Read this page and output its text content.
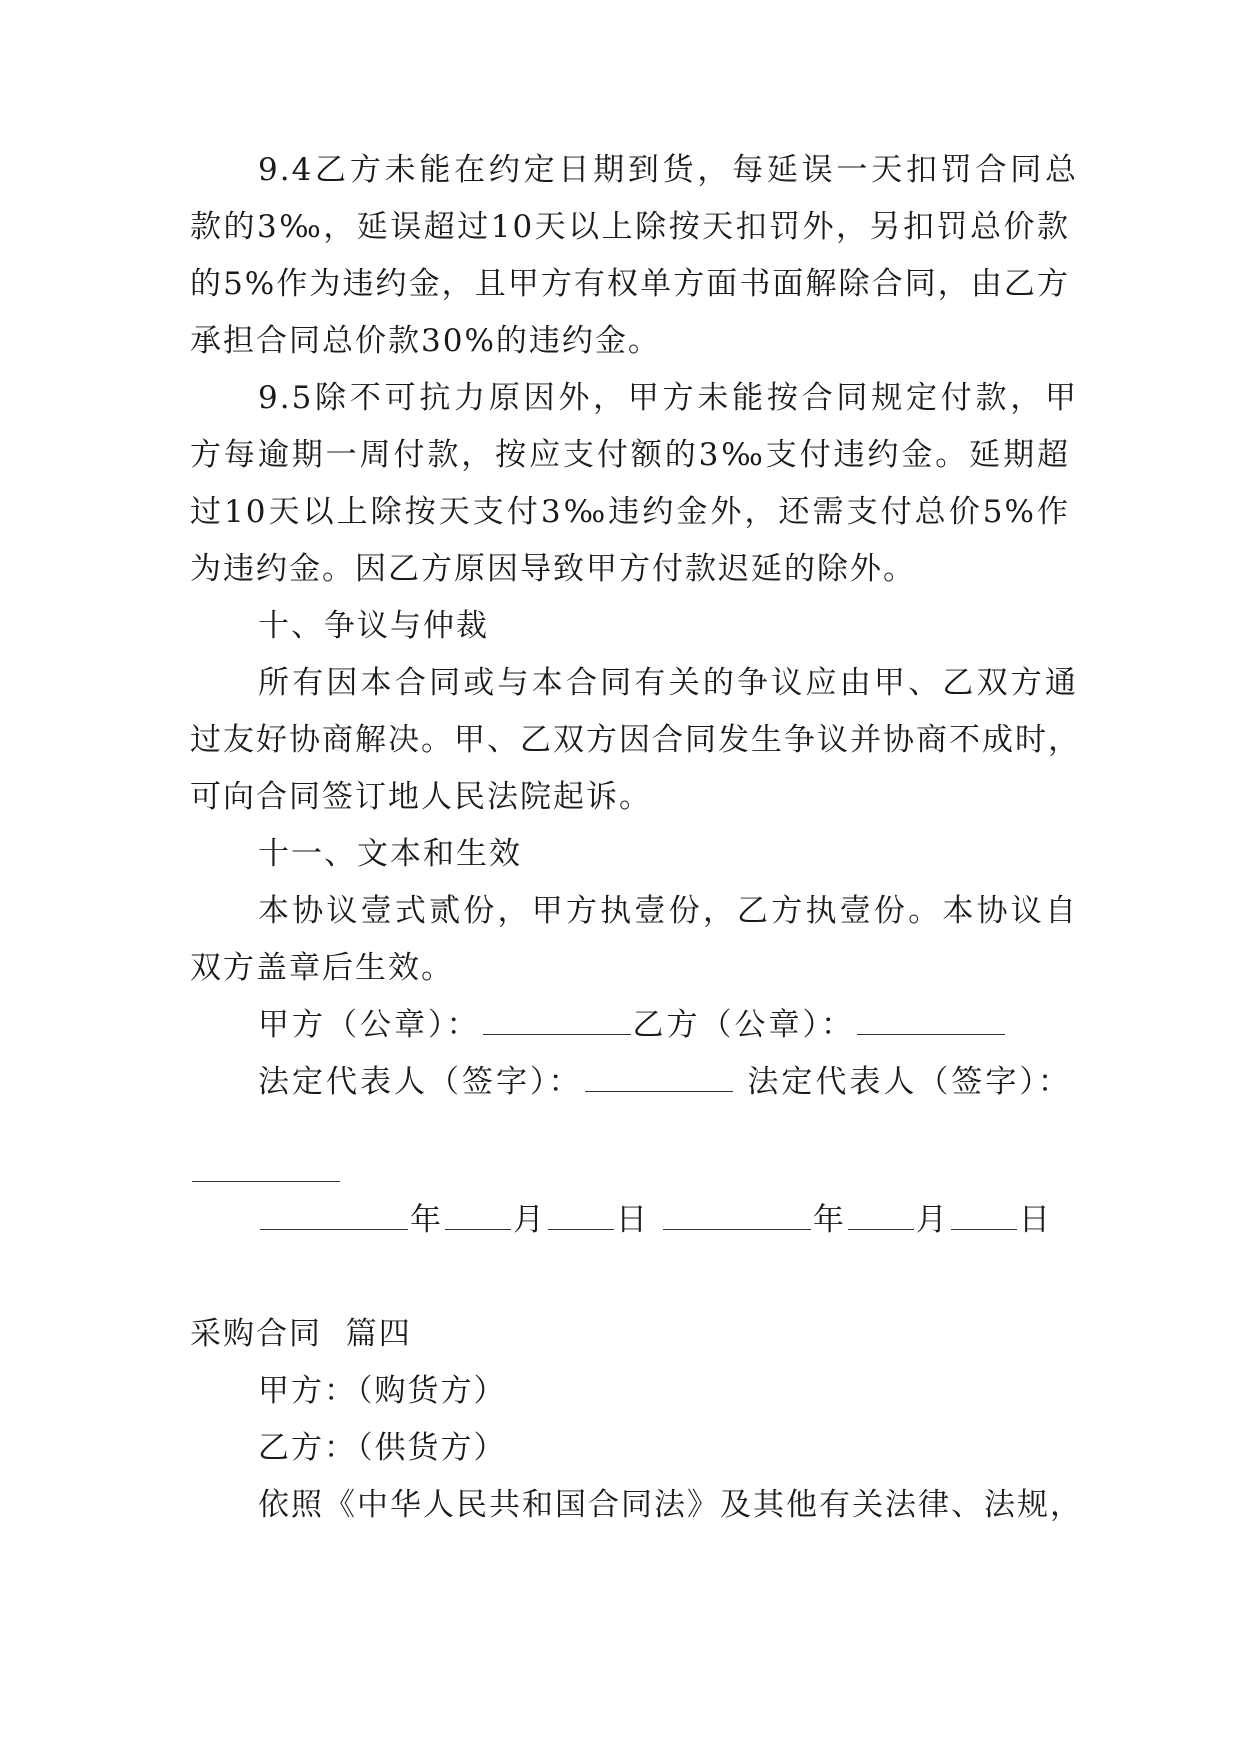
9.4乙方未能在约定日期到货，每延误一天扣罚合同总
款的3‰，延误超过10天以上除按天扣罚外，另扣罚总价款
的5%作为违约金，且甲方有权单方面书面解除合同，由乙方
承担合同总价款30%的违约金。
9.5除不可抗力原因外，甲方未能按合同规定付款，甲
方每逾期一周付款，按应支付额的3‰支付违约金。延期超
过10天以上除按天支付3‰违约金外，还需支付总价5%作
为违约金。因乙方原因导致甲方付款迟延的除外。
十、争议与仲裁
所有因本合同或与本合同有关的争议应由甲、乙双方通
过友好协商解决。甲、乙双方因合同发生争议并协商不成时，
可向合同签订地人民法院起诉。
十一、文本和生效
本协议壹式贰份，甲方执壹份，乙方执壹份。本协议自
双方盖章后生效。
甲方（公章）：	乙方（公章）：
法定代表人（签字）：	法定代表人（签字）：
年 月 日	年 月 日
采购合同  篇四
甲方：（购货方）
乙方：（供货方）
依照《中华人民共和国合同法》及其他有关法律、法规，
